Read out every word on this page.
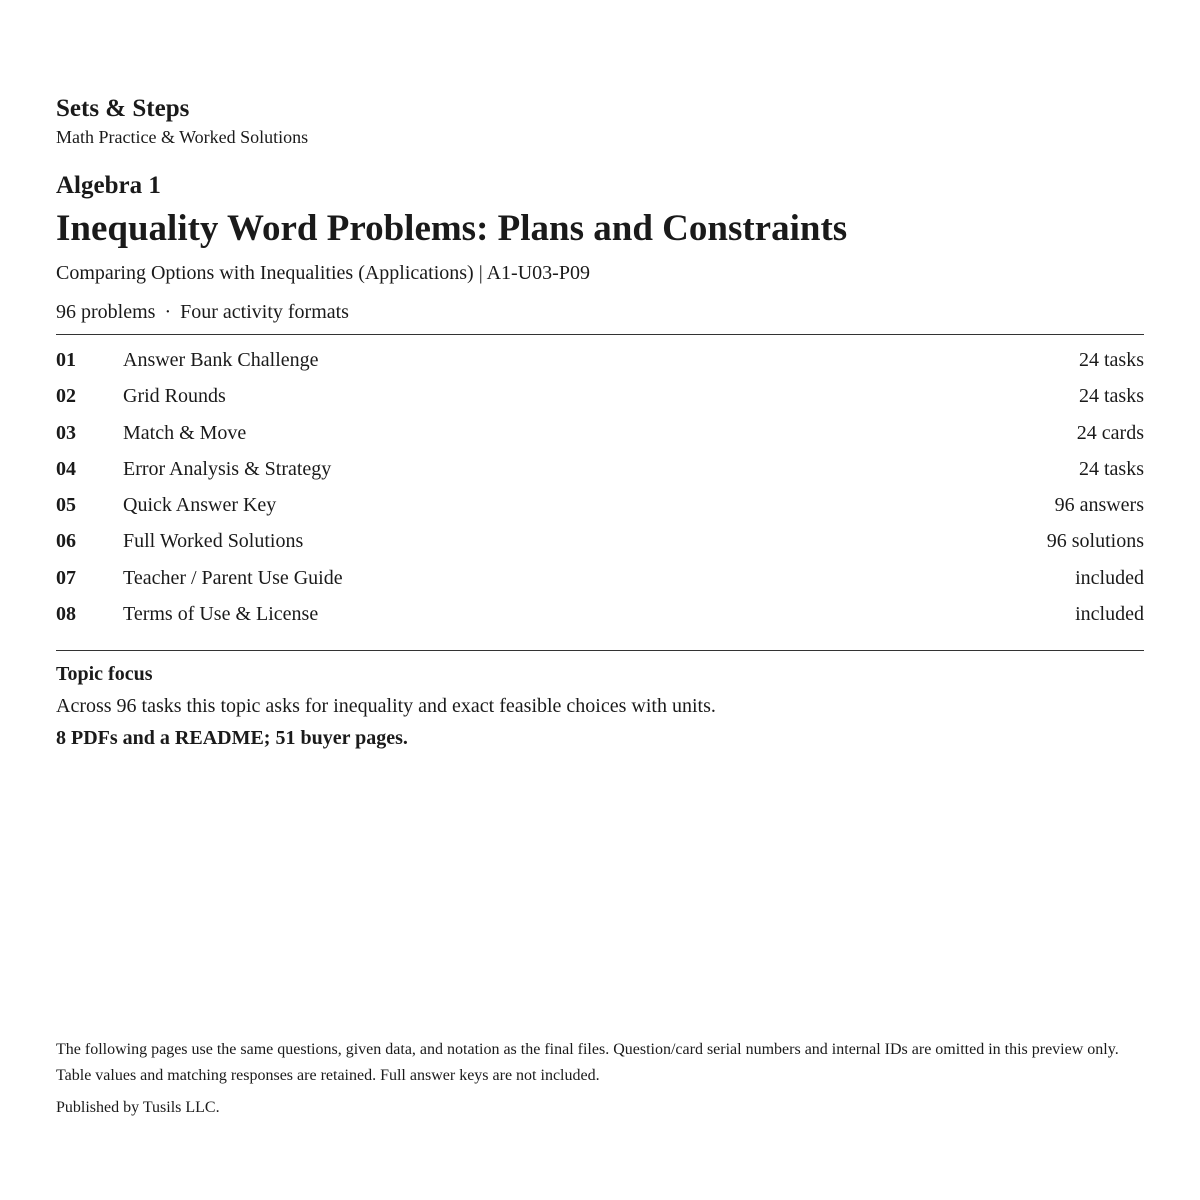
Sets & Steps
Math Practice & Worked Solutions
Algebra 1
Inequality Word Problems: Plans and Constraints
Comparing Options with Inequalities (Applications) | A1-U03-P09
96 problems · Four activity formats
01 Answer Bank Challenge	24 tasks
02 Grid Rounds	24 tasks
03 Match & Move	24 cards
04 Error Analysis & Strategy	24 tasks
05 Quick Answer Key	96 answers
06 Full Worked Solutions	96 solutions
07 Teacher / Parent Use Guide	included
08 Terms of Use & License	included
Topic focus
Across 96 tasks this topic asks for inequality and exact feasible choices with units.
8 PDFs and a README; 51 buyer pages.

The following pages use the same questions, given data, and notation as the final files. Question/card serial numbers and internal IDs are omitted in this preview only. Table values and matching responses are retained. Full answer keys are not included.

Published by Tusils LLC.
